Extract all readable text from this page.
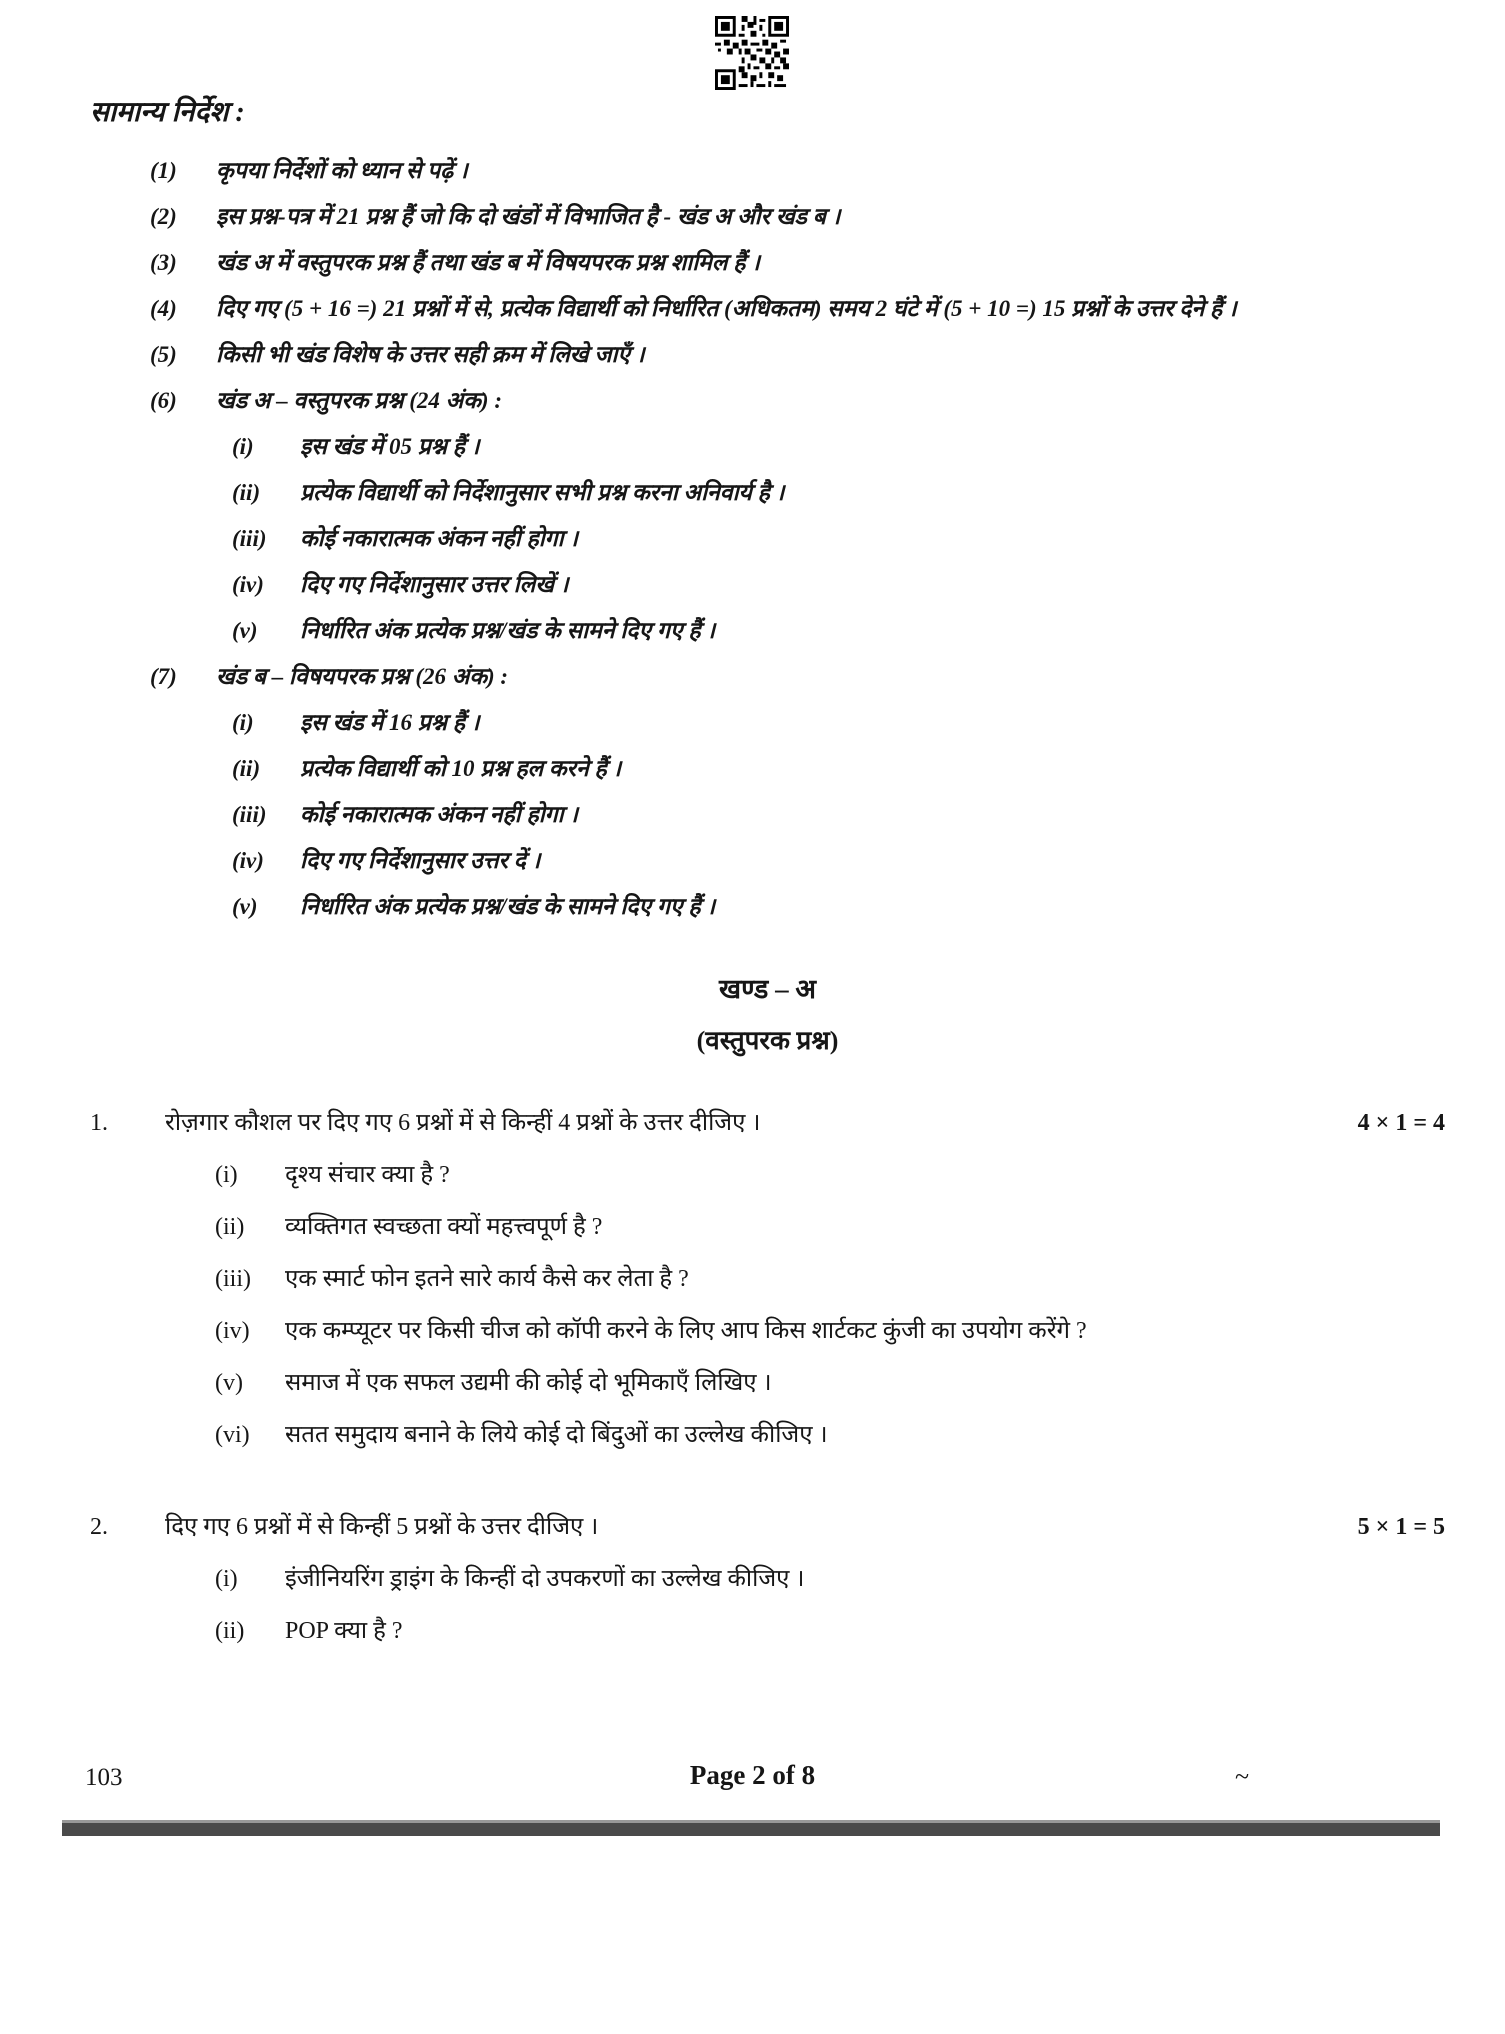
सामान्य निर्देश :
(1)	कृपया निर्देशों को ध्यान से पढ़ें ।
(2)	इस प्रश्न-पत्र में 21 प्रश्न हैं जो कि दो खंडों में विभाजित है - खंड अ और खंड ब ।
(3)	खंड अ में वस्तुपरक प्रश्न हैं तथा खंड ब में विषयपरक प्रश्न शामिल हैं ।
(4)	दिए गए (5 + 16 =) 21 प्रश्नों में से, प्रत्येक विद्यार्थी को निर्धारित (अधिकतम) समय 2 घंटे में (5 + 10 =) 15 प्रश्नों के उत्तर देने हैं ।
(5)	किसी भी खंड विशेष के उत्तर सही क्रम में लिखे जाएँ ।
(6)	खंड अ – वस्तुपरक प्रश्न (24 अंक) :
(i)	इस खंड में 05 प्रश्न हैं ।
(ii)	प्रत्येक विद्यार्थी को निर्देशानुसार सभी प्रश्न करना अनिवार्य है ।
(iii)	कोई नकारात्मक अंकन नहीं होगा ।
(iv)	दिए गए निर्देशानुसार उत्तर लिखें ।
(v)	निर्धारित अंक प्रत्येक प्रश्न/खंड के सामने दिए गए हैं ।
(7)	खंड ब – विषयपरक प्रश्न (26 अंक) :
(i)	इस खंड में 16 प्रश्न हैं ।
(ii)	प्रत्येक विद्यार्थी को 10 प्रश्न हल करने हैं ।
(iii)	कोई नकारात्मक अंकन नहीं होगा ।
(iv)	दिए गए निर्देशानुसार उत्तर दें ।
(v)	निर्धारित अंक प्रत्येक प्रश्न/खंड के सामने दिए गए हैं ।
खण्ड – अ
(वस्तुपरक प्रश्न)
1.	रोज़गार कौशल पर दिए गए 6 प्रश्नों में से किन्हीं 4 प्रश्नों के उत्तर दीजिए ।	4 × 1 = 4
(i)	दृश्य संचार क्या है ?
(ii)	व्यक्तिगत स्वच्छता क्यों महत्त्वपूर्ण है ?
(iii)	एक स्मार्ट फोन इतने सारे कार्य कैसे कर लेता है ?
(iv)	एक कम्प्यूटर पर किसी चीज को कॉपी करने के लिए आप किस शार्टकट कुंजी का उपयोग करेंगे ?
(v)	समाज में एक सफल उद्यमी की कोई दो भूमिकाएँ लिखिए ।
(vi)	सतत समुदाय बनाने के लिये कोई दो बिंदुओं का उल्लेख कीजिए ।
2.	दिए गए 6 प्रश्नों में से किन्हीं 5 प्रश्नों के उत्तर दीजिए ।	5 × 1 = 5
(i)	इंजीनियरिंग ड्राइंग के किन्हीं दो उपकरणों का उल्लेख कीजिए ।
(ii)	POP क्या है ?
103	Page 2 of 8	~
